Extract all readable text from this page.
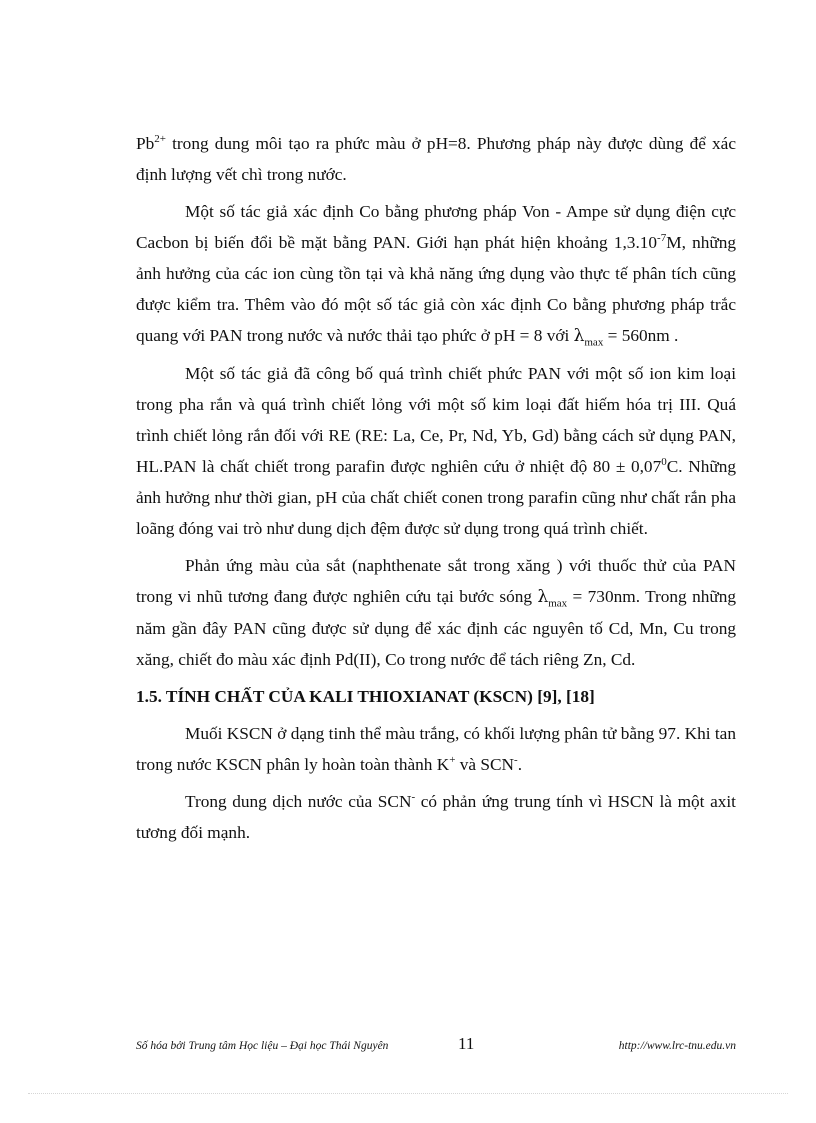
$Pb^{2+}$ trong dung môi tạo ra phức màu ở pH=8. Phương pháp này được dùng để xác định lượng vết chì trong nước.

Một số tác giả xác định Co bằng phương pháp Von - Ampe sử dụng điện cực Cacbon bị biến đổi bề mặt bằng PAN. Giới hạn phát hiện khoảng $1,3.10^{-7}M$, những ảnh hưởng của các ion cùng tồn tại và khả năng ứng dụng vào thực tế phân tích cũng được kiểm tra. Thêm vào đó một số tác giả còn xác định Co bằng phương pháp trắc quang với PAN trong nước và nước thải tạo phức ở pH = 8 với $\lambda_{max} = 560nm$ .

Một số tác giả đã công bố quá trình chiết phức PAN với một số ion kim loại trong pha rắn và quá trình chiết lỏng với một số kim loại đất hiếm hóa trị III. Quá trình chiết lỏng rắn đối với RE (RE: La, Ce, Pr, Nd, Yb, Gd) bằng cách sử dụng PAN, HL.PAN là chất chiết trong parafin được nghiên cứu ở nhiệt độ $80 \pm 0,07^0C$. Những ảnh hưởng như thời gian, pH của chất chiết conen trong parafin cũng như chất rắn pha loãng đóng vai trò như dung dịch đệm được sử dụng trong quá trình chiết.

Phản ứng màu của sắt (naphthenate sắt trong xăng ) với thuốc thử của PAN trong vi nhũ tương đang được nghiên cứu tại bước sóng $\lambda_{max} = 730nm$. Trong những năm gần đây PAN cũng được sử dụng để xác định các nguyên tố Cd, Mn, Cu trong xăng, chiết đo màu xác định Pd(II), Co trong nước để tách riêng Zn, Cd.

1.5. TÍNH CHẤT CỦA KALI THIOXIANAT (KSCN) [9], [18]

Muối KSCN ở dạng tinh thể màu trắng, có khối lượng phân tử bằng 97. Khi tan trong nước KSCN phân ly hoàn toàn thành K+ và SCN-.

Trong dung dịch nước của SCN- có phản ứng trung tính vì HSCN là một axit tương đối mạnh.

Số hóa bởi Trung tâm Học liệu – Đại học Thái Nguyên	11	http://www.lrc-tnu.edu.vn
